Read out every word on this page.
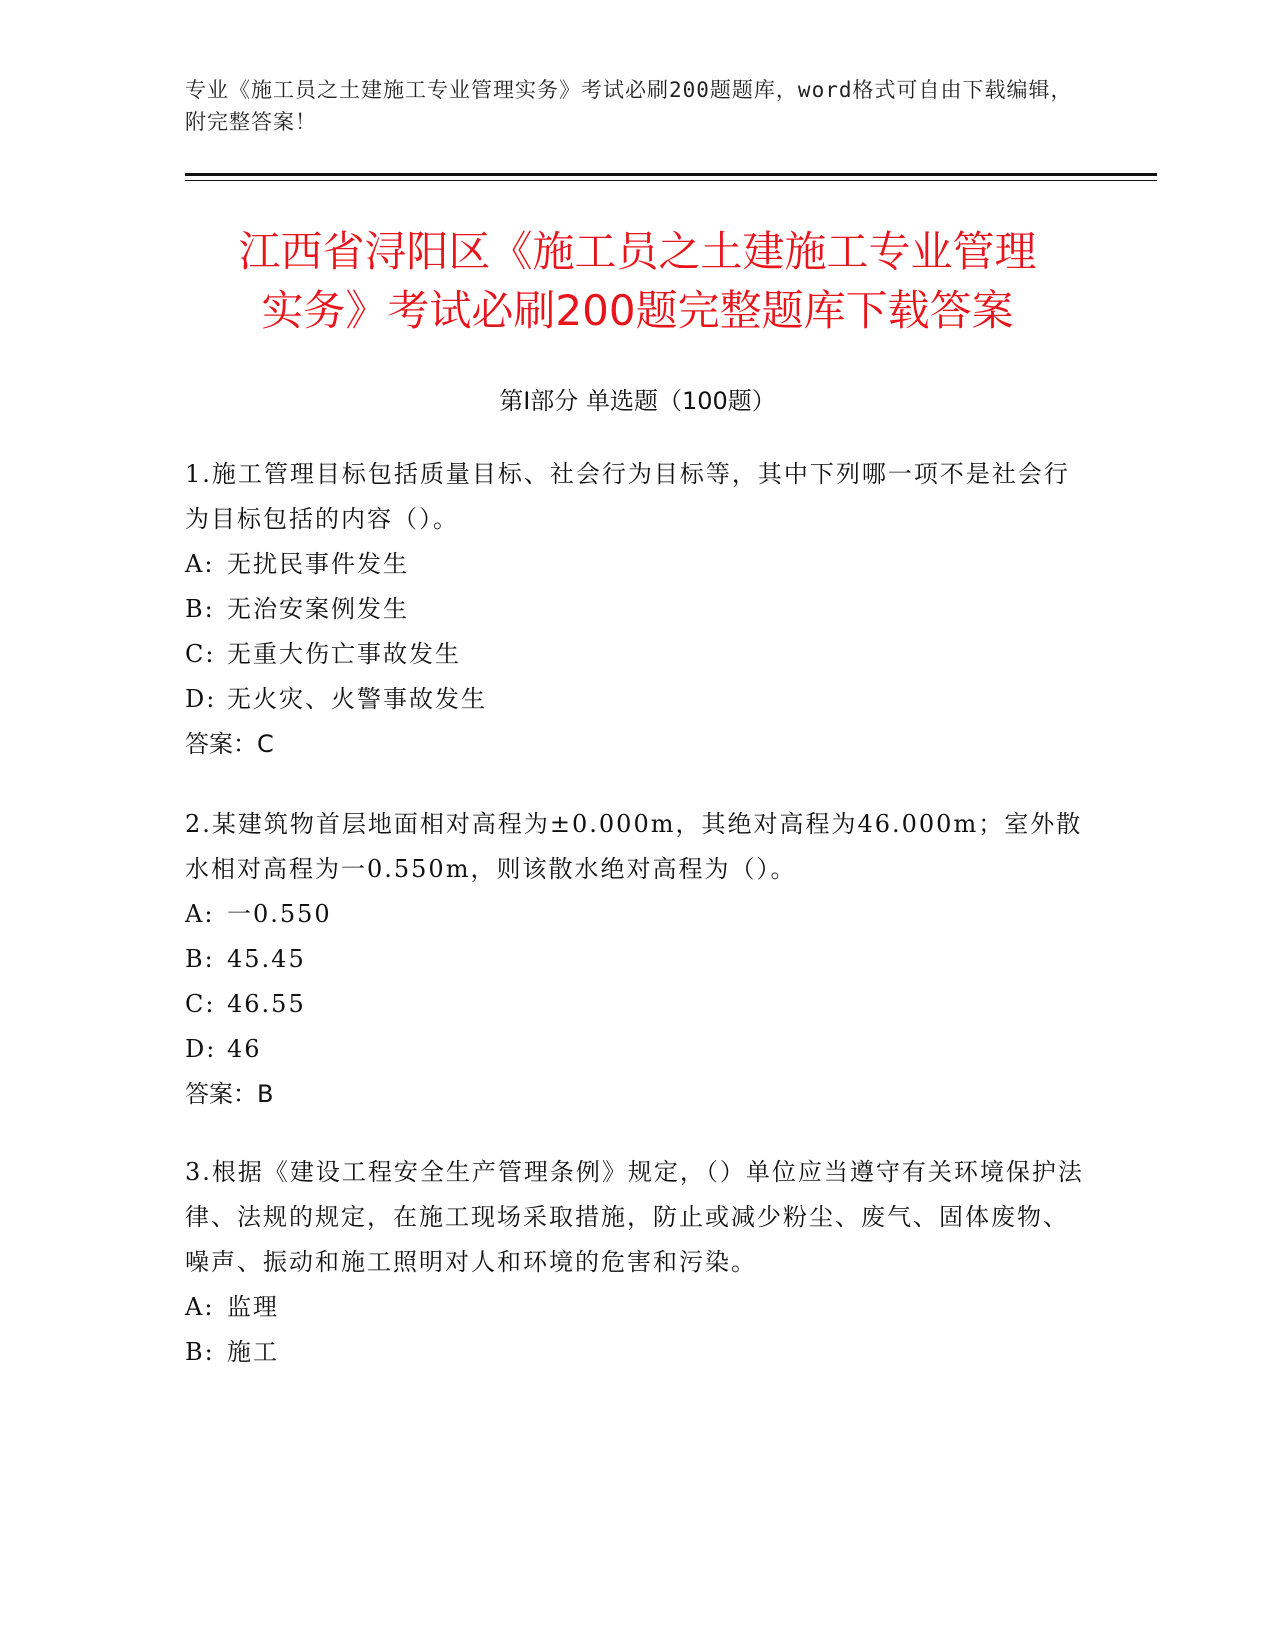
专业《施工员之土建施工专业管理实务》考试必刷200题题库，word格式可自由下载编辑，附完整答案！
江西省浔阳区《施工员之土建施工专业管理
实务》考试必刷200题完整题库下载答案
第Ⅰ部分 单选题（100题）

1.施工管理目标包括质量目标、社会行为目标等，其中下列哪一项不是社会行为目标包括的内容（）。

A: 无扰民事件发生

B: 无治安案例发生

C: 无重大伤亡事故发生

D: 无火灾、火警事故发生

答案：C

2.某建筑物首层地面相对高程为±0.000m，其绝对高程为46.000m；室外散水相对高程为一0.550m，则该散水绝对高程为（）。

A: 一0.550

B: 45.45

C: 46.55

D: 46

答案：B

3.根据《建设工程安全生产管理条例》规定，（）单位应当遵守有关环境保护法律、法规的规定，在施工现场采取措施，防止或减少粉尘、废气、固体废物、噪声、振动和施工照明对人和环境的危害和污染。

A: 监理

B: 施工
